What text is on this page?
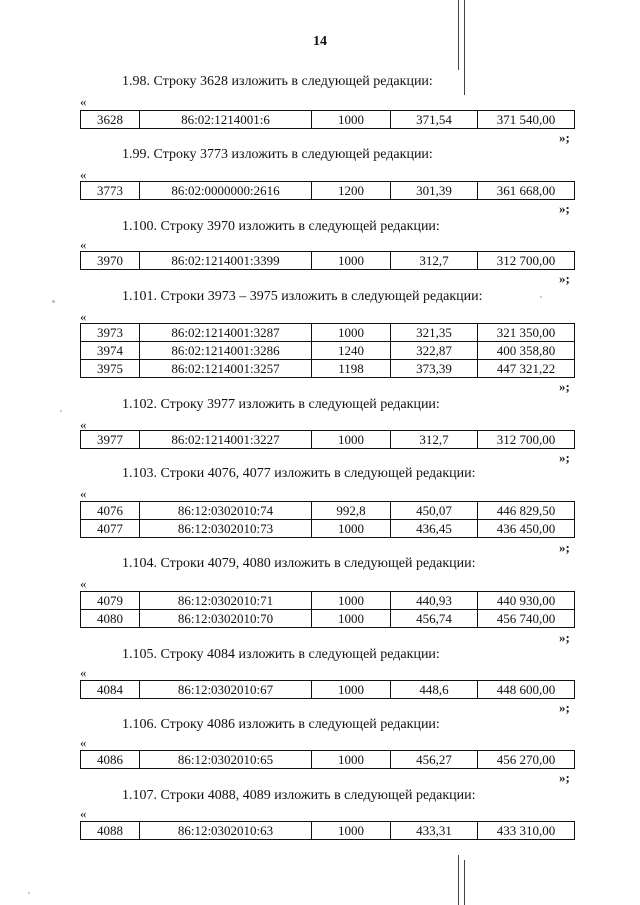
14
1.98. Строку 3628 изложить в следующей редакции:
«
3628	86:02:1214001:6	1000	371,54	371 540,00
»;
1.99. Строку 3773 изложить в следующей редакции:
«
3773	86:02:0000000:2616	1200	301,39	361 668,00
»;
1.100. Строку 3970 изложить в следующей редакции:
«
3970	86:02:1214001:3399	1000	312,7	312 700,00
»;
1.101. Строки 3973 – 3975 изложить в следующей редакции:
«
3973	86:02:1214001:3287	1000	321,35	321 350,00
3974	86:02:1214001:3286	1240	322,87	400 358,80
3975	86:02:1214001:3257	1198	373,39	447 321,22
»;
1.102. Строку 3977 изложить в следующей редакции:
«
3977	86:02:1214001:3227	1000	312,7	312 700,00
»;
1.103. Строки 4076, 4077 изложить в следующей редакции:
«
4076	86:12:0302010:74	992,8	450,07	446 829,50
4077	86:12:0302010:73	1000	436,45	436 450,00
»;
1.104. Строки 4079, 4080 изложить в следующей редакции:
«
4079	86:12:0302010:71	1000	440,93	440 930,00
4080	86:12:0302010:70	1000	456,74	456 740,00
»;
1.105. Строку 4084 изложить в следующей редакции:
«
4084	86:12:0302010:67	1000	448,6	448 600,00
»;
1.106. Строку 4086 изложить в следующей редакции:
«
4086	86:12:0302010:65	1000	456,27	456 270,00
»;
1.107. Строки 4088, 4089 изложить в следующей редакции:
«
4088	86:12:0302010:63	1000	433,31	433 310,00
